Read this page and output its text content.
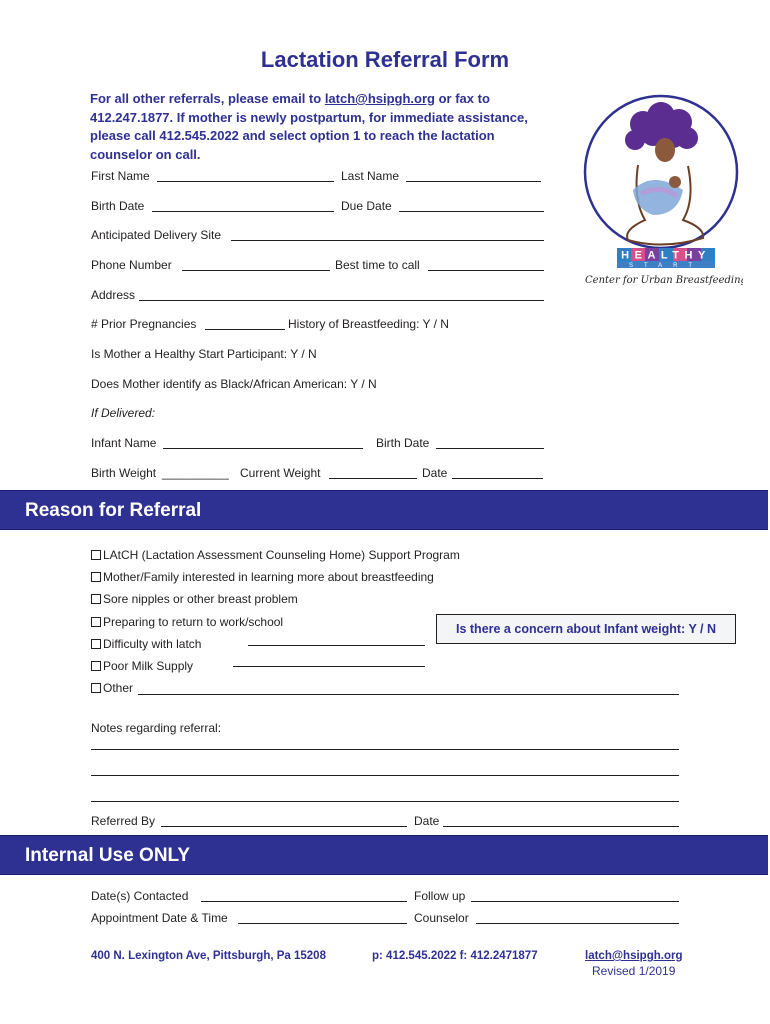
Lactation Referral Form
For all other referrals, please email to latch@hsipgh.org or fax to 412.247.1877. If mother is newly postpartum, for immediate assistance, please call 412.545.2022 and select option 1 to reach the lactation counselor on call.
HEALTHY
START
Center for Urban Breastfeeding
First Name	Last Name
Birth Date	Due Date
Anticipated Delivery Site
Phone Number	Best time to call
Address
# Prior Pregnancies	History of Breastfeeding: Y / N
Is Mother a Healthy Start Participant: Y / N
Does Mother identify as Black/African American: Y / N
If Delivered:
Infant Name	Birth Date
Birth Weight __________ Current Weight	Date
Reason for Referral
LAtCH (Lactation Assessment Counseling Home) Support Program
Mother/Family interested in learning more about breastfeeding
Sore nipples or other breast problem
Preparing to return to work/school
Difficulty with latch
Poor Milk Supply
Other
Is there a concern about Infant weight: Y / N
Notes regarding referral:
Referred By	Date
Internal Use ONLY
Date(s) Contacted	Follow up
Appointment Date & Time	Counselor
400 N. Lexington Ave, Pittsburgh, Pa 15208	p: 412.545.2022 f: 412.2471877	latch@hsipgh.org
Revised 1/2019
